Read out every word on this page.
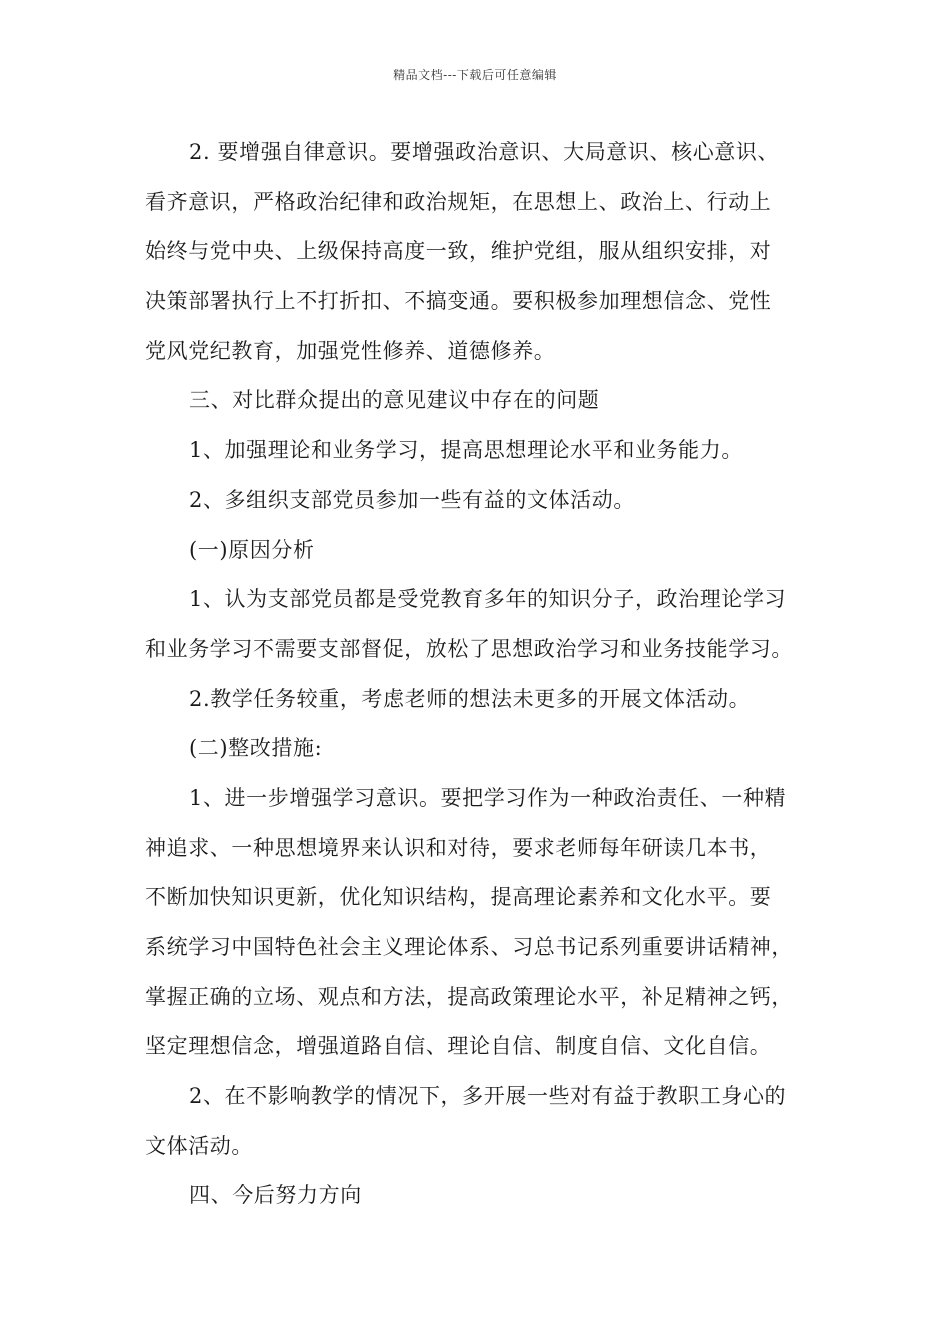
精品文档---下载后可任意编辑
2. 要增强自律意识。要增强政治意识、大局意识、核心意识、
看齐意识，严格政治纪律和政治规矩，在思想上、政治上、行动上
始终与党中央、上级保持高度一致，维护党组，服从组织安排，对
决策部署执行上不打折扣、不搞变通。要积极参加理想信念、党性
党风党纪教育，加强党性修养、道德修养。
三、对比群众提出的意见建议中存在的问题
1、加强理论和业务学习，提高思想理论水平和业务能力。
2、多组织支部党员参加一些有益的文体活动。
(一)原因分析
1、认为支部党员都是受党教育多年的知识分子，政治理论学习
和业务学习不需要支部督促，放松了思想政治学习和业务技能学习。
2.教学任务较重，考虑老师的想法未更多的开展文体活动。
(二)整改措施:
1、进一步增强学习意识。要把学习作为一种政治责任、一种精
神追求、一种思想境界来认识和对待，要求老师每年研读几本书，
不断加快知识更新，优化知识结构，提高理论素养和文化水平。要
系统学习中国特色社会主义理论体系、习总书记系列重要讲话精神，
掌握正确的立场、观点和方法，提高政策理论水平，补足精神之钙，
坚定理想信念，增强道路自信、理论自信、制度自信、文化自信。
2、在不影响教学的情况下，多开展一些对有益于教职工身心的
文体活动。
四、今后努力方向
